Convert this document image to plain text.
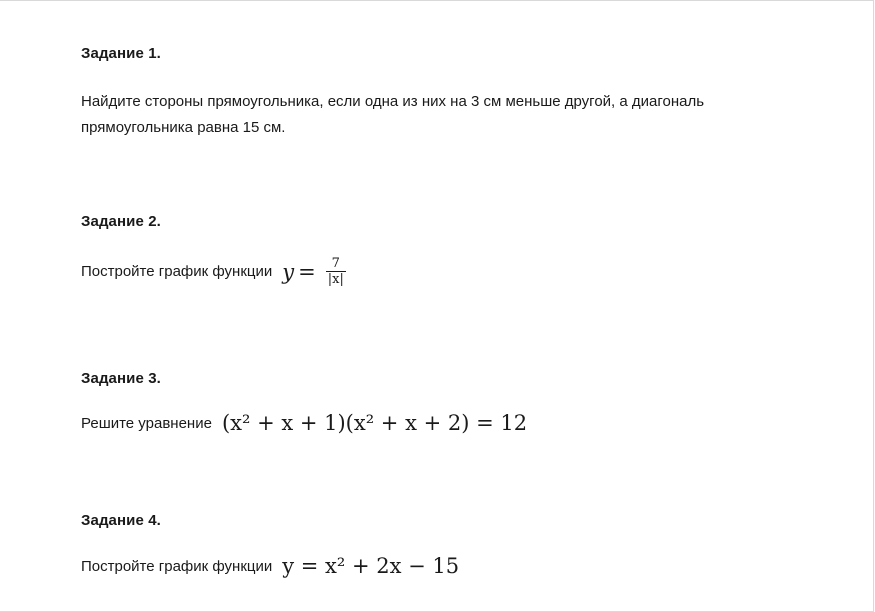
Задание 1.

Найдите стороны прямоугольника, если одна из них на 3 см меньше другой, а диагональ

прямоугольника равна 15 см.

Задание 2.

Постройте график функции $y = \frac{7}{|x|}$

Задание 3.

Решите уравнение (x² + x + 1)(x² + x + 2) = 12

Задание 4.

Постройте график функции y = x² + 2x − 15
